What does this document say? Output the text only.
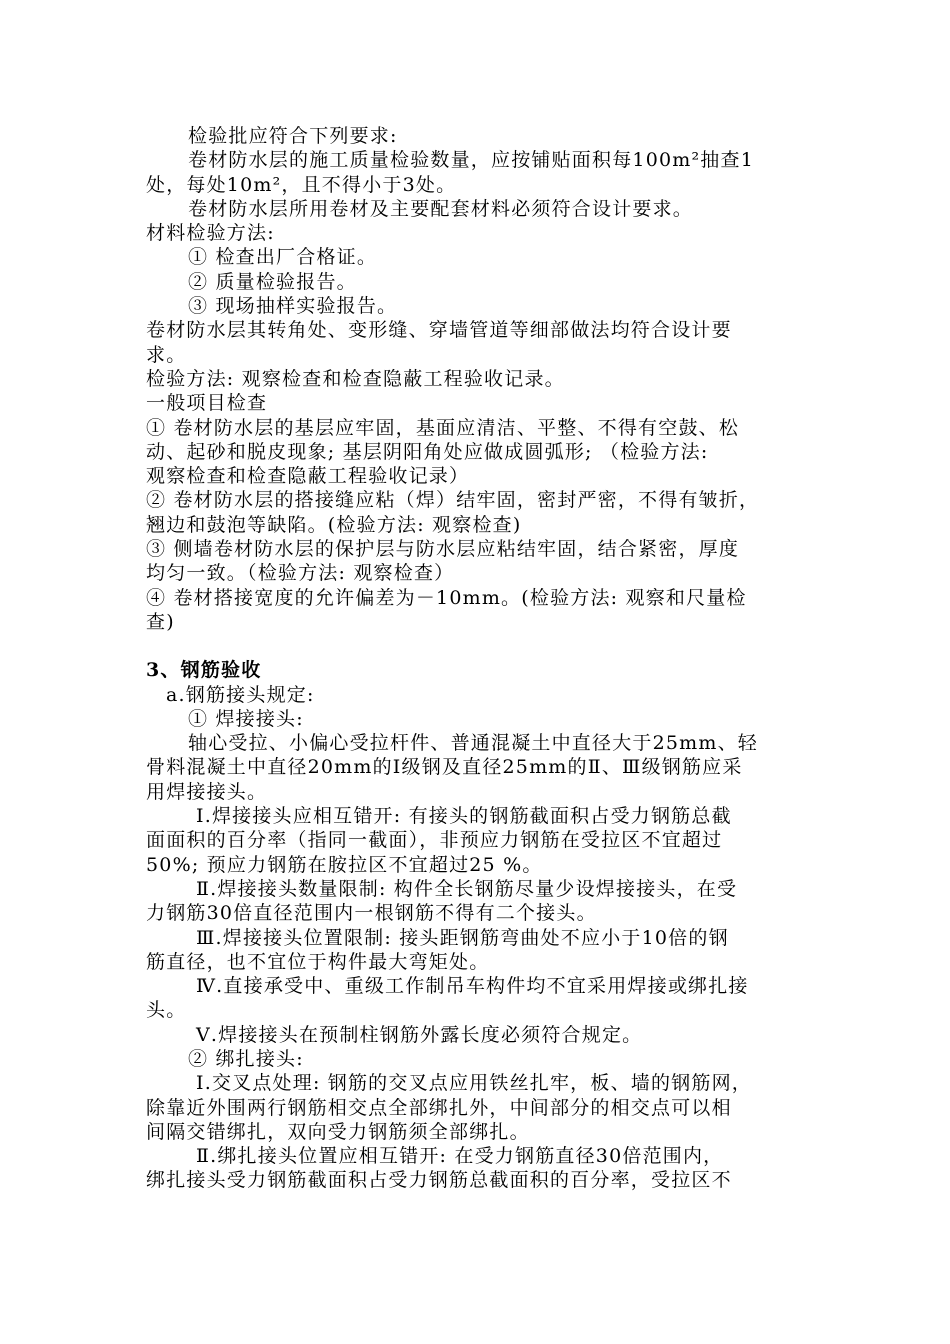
检验批应符合下列要求:
卷材防水层的施工质量检验数量，应按铺贴面积每100m²抽查1
处，每处10m²，且不得小于3处。
卷材防水层所用卷材及主要配套材料必须符合设计要求。
材料检验方法:
① 检查出厂合格证。
② 质量检验报告。
③ 现场抽样实验报告。
卷材防水层其转角处、变形缝、穿墙管道等细部做法均符合设计要
求。
检验方法: 观察检查和检查隐蔽工程验收记录。
一般项目检查
① 卷材防水层的基层应牢固，基面应清洁、平整、不得有空鼓、松
动、起砂和脱皮现象; 基层阴阳角处应做成圆弧形; （检验方法:
观察检查和检查隐蔽工程验收记录）
② 卷材防水层的搭接缝应粘（焊）结牢固，密封严密，不得有皱折，
翘边和鼓泡等缺陷。(检验方法: 观察检查)
③ 侧墙卷材防水层的保护层与防水层应粘结牢固，结合紧密，厚度
均匀一致。（检验方法: 观察检查）
④ 卷材搭接宽度的允许偏差为－10mm。(检验方法: 观察和尺量检
查)
3、钢筋验收
a.钢筋接头规定:
① 焊接接头:
轴心受拉、小偏心受拉杆件、普通混凝土中直径大于25mm、轻
骨料混凝土中直径20mm的Ⅰ级钢及直径25mm的Ⅱ、Ⅲ级钢筋应采
用焊接接头。
Ⅰ.焊接接头应相互错开: 有接头的钢筋截面积占受力钢筋总截
面面积的百分率（指同一截面），非预应力钢筋在受拉区不宜超过
50%; 预应力钢筋在胺拉区不宜超过25 %。
Ⅱ.焊接接头数量限制: 构件全长钢筋尽量少设焊接接头，在受
力钢筋30倍直径范围内一根钢筋不得有二个接头。
Ⅲ.焊接接头位置限制: 接头距钢筋弯曲处不应小于10倍的钢
筋直径，也不宜位于构件最大弯矩处。
Ⅳ.直接承受中、重级工作制吊车构件均不宜采用焊接或绑扎接
头。
Ⅴ.焊接接头在预制柱钢筋外露长度必须符合规定。
② 绑扎接头:
Ⅰ.交叉点处理: 钢筋的交叉点应用铁丝扎牢，板、墙的钢筋网，
除靠近外围两行钢筋相交点全部绑扎外，中间部分的相交点可以相
间隔交错绑扎，双向受力钢筋须全部绑扎。
Ⅱ.绑扎接头位置应相互错开: 在受力钢筋直径30倍范围内，
绑扎接头受力钢筋截面积占受力钢筋总截面积的百分率，受拉区不
